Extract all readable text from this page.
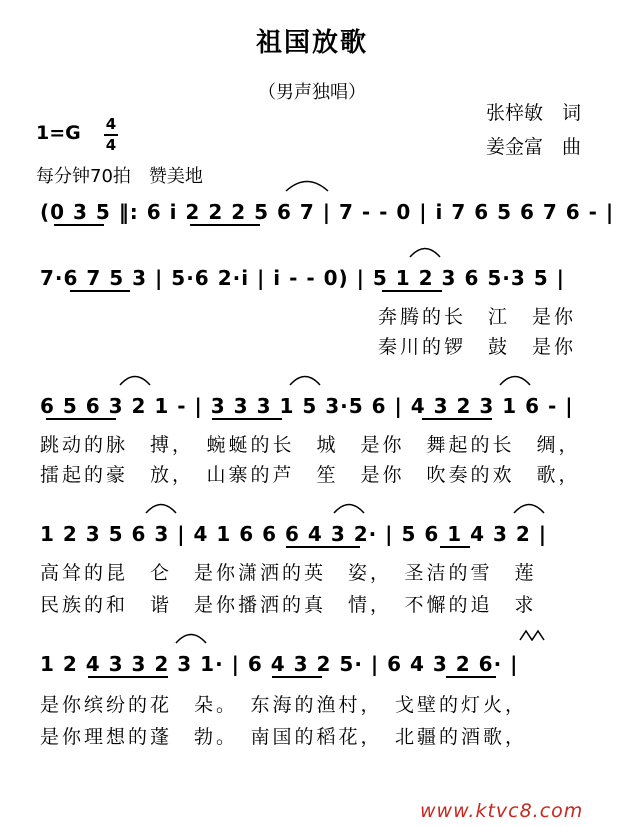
祖国放歌
（男声独唱）
张梓敏　词
姜金富　曲
1=G 4
4
每分钟70拍　赞美地
(0 3 5 ‖: 6 i 2 2 2 5 6 7 | 7 - - 0 | i 7 6 5 6 7 6 - |
7·6 7 5 3 | 5·6 2·i | i - - 0) | 5 1 2 3 6 5·3 5 |
奔腾的长　江　是你
秦川的锣　鼓　是你
6 5 6 3 2 1 - | 3 3 3 1 5 3·5 6 | 4 3 2 3 1 6 - |
跳动的脉　搏，　蜿蜒的长　城　是你　舞起的长　绸，
擂起的豪　放，　山寨的芦　笙　是你　吹奏的欢　歌，
1 2 3 5 6 3 | 4 1 6 6 6 4 3 2· | 5 6 1 4 3 2 |
高耸的昆　仑　是你潇洒的英　姿，　圣洁的雪　莲
民族的和　谐　是你播洒的真　情，　不懈的追　求
1 2 4 3 3 2 3 1· | 6 4 3 2 5· | 6 4 3 2 6· |
是你缤纷的花　朵。　东海的渔村，　戈壁的灯火，
是你理想的蓬　勃。　南国的稻花，　北疆的酒歌，
www.ktvc8.com
